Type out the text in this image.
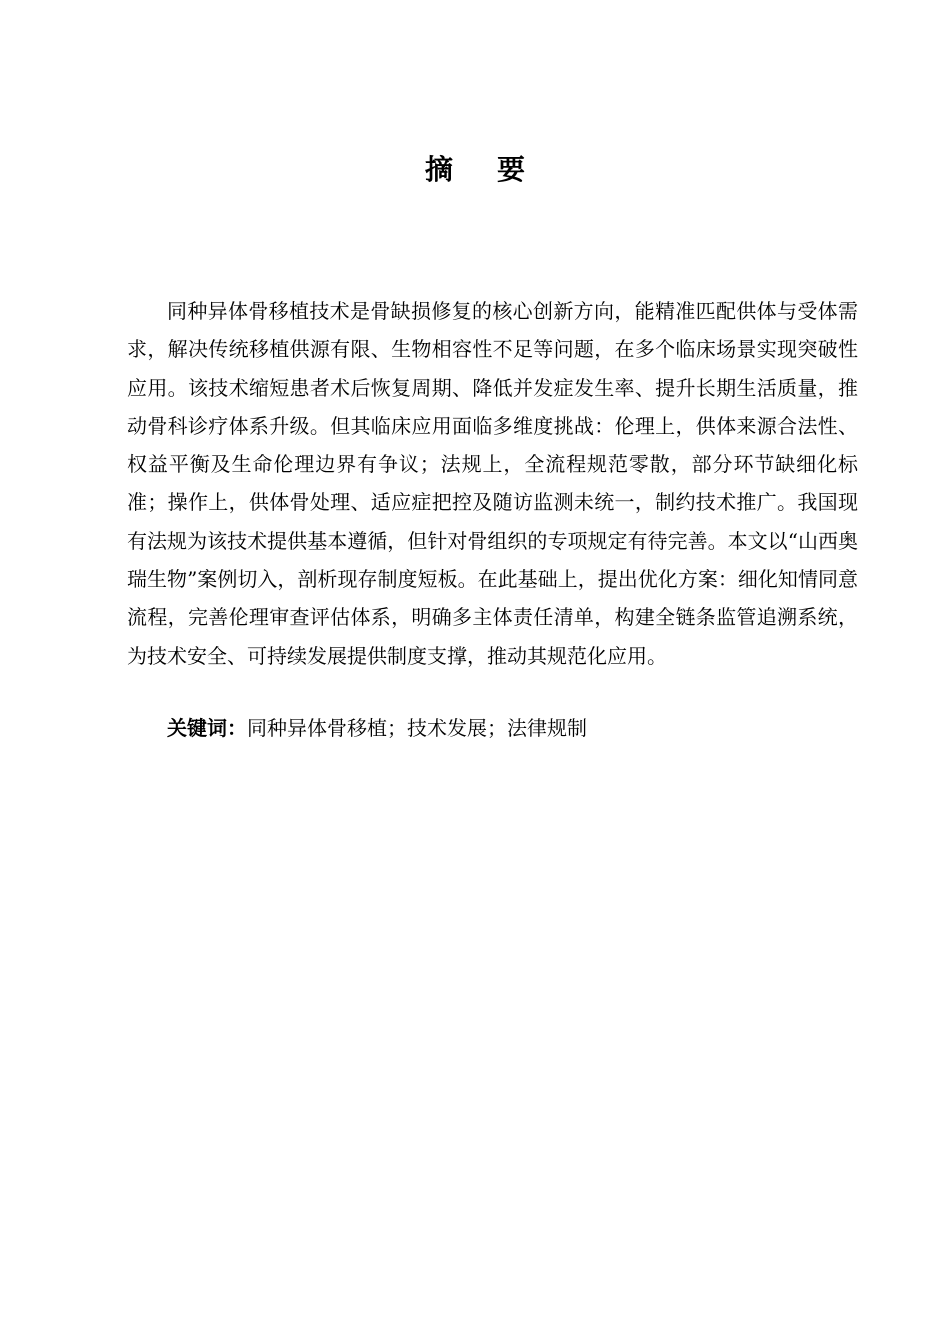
摘要

同种异体骨移植技术是骨缺损修复的核心创新方向，能精准匹配供体与受体需求，解决传统移植供源有限、生物相容性不足等问题，在多个临床场景实现突破性应用。该技术缩短患者术后恢复周期、降低并发症发生率、提升长期生活质量，推动骨科诊疗体系升级。但其临床应用面临多维度挑战：伦理上，供体来源合法性、权益平衡及生命伦理边界有争议；法规上，全流程规范零散，部分环节缺细化标准；操作上，供体骨处理、适应症把控及随访监测未统一，制约技术推广。我国现有法规为该技术提供基本遵循，但针对骨组织的专项规定有待完善。本文以“山西奥瑞生物”案例切入，剖析现存制度短板。在此基础上，提出优化方案：细化知情同意流程，完善伦理审查评估体系，明确多主体责任清单，构建全链条监管追溯系统，为技术安全、可持续发展提供制度支撑，推动其规范化应用。

关键词：同种异体骨移植；技术发展；法律规制
